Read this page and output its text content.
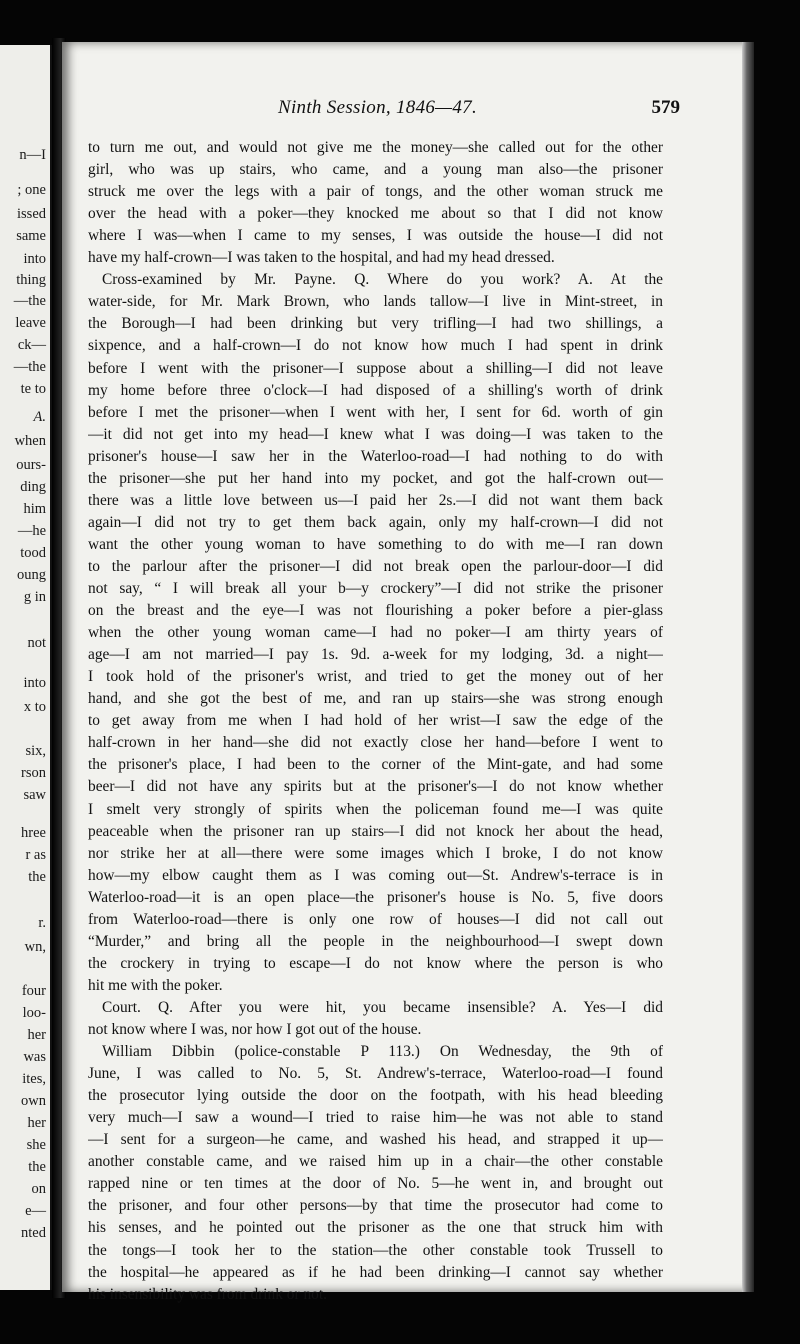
n—I
; one
issed
same
into
thing
—the
leave
ck—
—the
te to
A.
when
ours-
ding
him
—he
tood
oung
g in
not
into
x to
six,
rson
saw
hree
r as
the
r.
wn,
four
loo-
her
was
ites,
own
her
she
the
on
e—
nted
Ninth Session, 1846—47.	579
to turn me out, and would not give me the money—she called out for the other
girl, who was up stairs, who came, and a young man also—the prisoner
struck me over the legs with a pair of tongs, and the other woman struck me
over the head with a poker—they knocked me about so that I did not know
where I was—when I came to my senses, I was outside the house—I did not
have my half-crown—I was taken to the hospital, and had my head dressed.
Cross-examined by Mr. Payne. Q. Where do you work? A. At the
water-side, for Mr. Mark Brown, who lands tallow—I live in Mint-street, in
the Borough—I had been drinking but very trifling—I had two shillings, a
sixpence, and a half-crown—I do not know how much I had spent in drink
before I went with the prisoner—I suppose about a shilling—I did not leave
my home before three o'clock—I had disposed of a shilling's worth of drink
before I met the prisoner—when I went with her, I sent for 6d. worth of gin
—it did not get into my head—I knew what I was doing—I was taken to the
prisoner's house—I saw her in the Waterloo-road—I had nothing to do with
the prisoner—she put her hand into my pocket, and got the half-crown out—
there was a little love between us—I paid her 2s.—I did not want them back
again—I did not try to get them back again, only my half-crown—I did not
want the other young woman to have something to do with me—I ran down
to the parlour after the prisoner—I did not break open the parlour-door—I did
not say, “ I will break all your b—y crockery”—I did not strike the prisoner
on the breast and the eye—I was not flourishing a poker before a pier-glass
when the other young woman came—I had no poker—I am thirty years of
age—I am not married—I pay 1s. 9d. a-week for my lodging, 3d. a night—
I took hold of the prisoner's wrist, and tried to get the money out of her
hand, and she got the best of me, and ran up stairs—she was strong enough
to get away from me when I had hold of her wrist—I saw the edge of the
half-crown in her hand—she did not exactly close her hand—before I went to
the prisoner's place, I had been to the corner of the Mint-gate, and had some
beer—I did not have any spirits but at the prisoner's—I do not know whether
I smelt very strongly of spirits when the policeman found me—I was quite
peaceable when the prisoner ran up stairs—I did not knock her about the head,
nor strike her at all—there were some images which I broke, I do not know
how—my elbow caught them as I was coming out—St. Andrew's-terrace is in
Waterloo-road—it is an open place—the prisoner's house is No. 5, five doors
from Waterloo-road—there is only one row of houses—I did not call out
“Murder,” and bring all the people in the neighbourhood—I swept down
the crockery in trying to escape—I do not know where the person is who
hit me with the poker.
Court. Q. After you were hit, you became insensible? A. Yes—I did
not know where I was, nor how I got out of the house.
William Dibbin (police-constable P 113.) On Wednesday, the 9th of
June, I was called to No. 5, St. Andrew's-terrace, Waterloo-road—I found
the prosecutor lying outside the door on the footpath, with his head bleeding
very much—I saw a wound—I tried to raise him—he was not able to stand
—I sent for a surgeon—he came, and washed his head, and strapped it up—
another constable came, and we raised him up in a chair—the other constable
rapped nine or ten times at the door of No. 5—he went in, and brought out
the prisoner, and four other persons—by that time the prosecutor had come to
his senses, and he pointed out the prisoner as the one that struck him with
the tongs—I took her to the station—the other constable took Trussell to
the hospital—he appeared as if he had been drinking—I cannot say whether
his insensibility was from drink or not.
